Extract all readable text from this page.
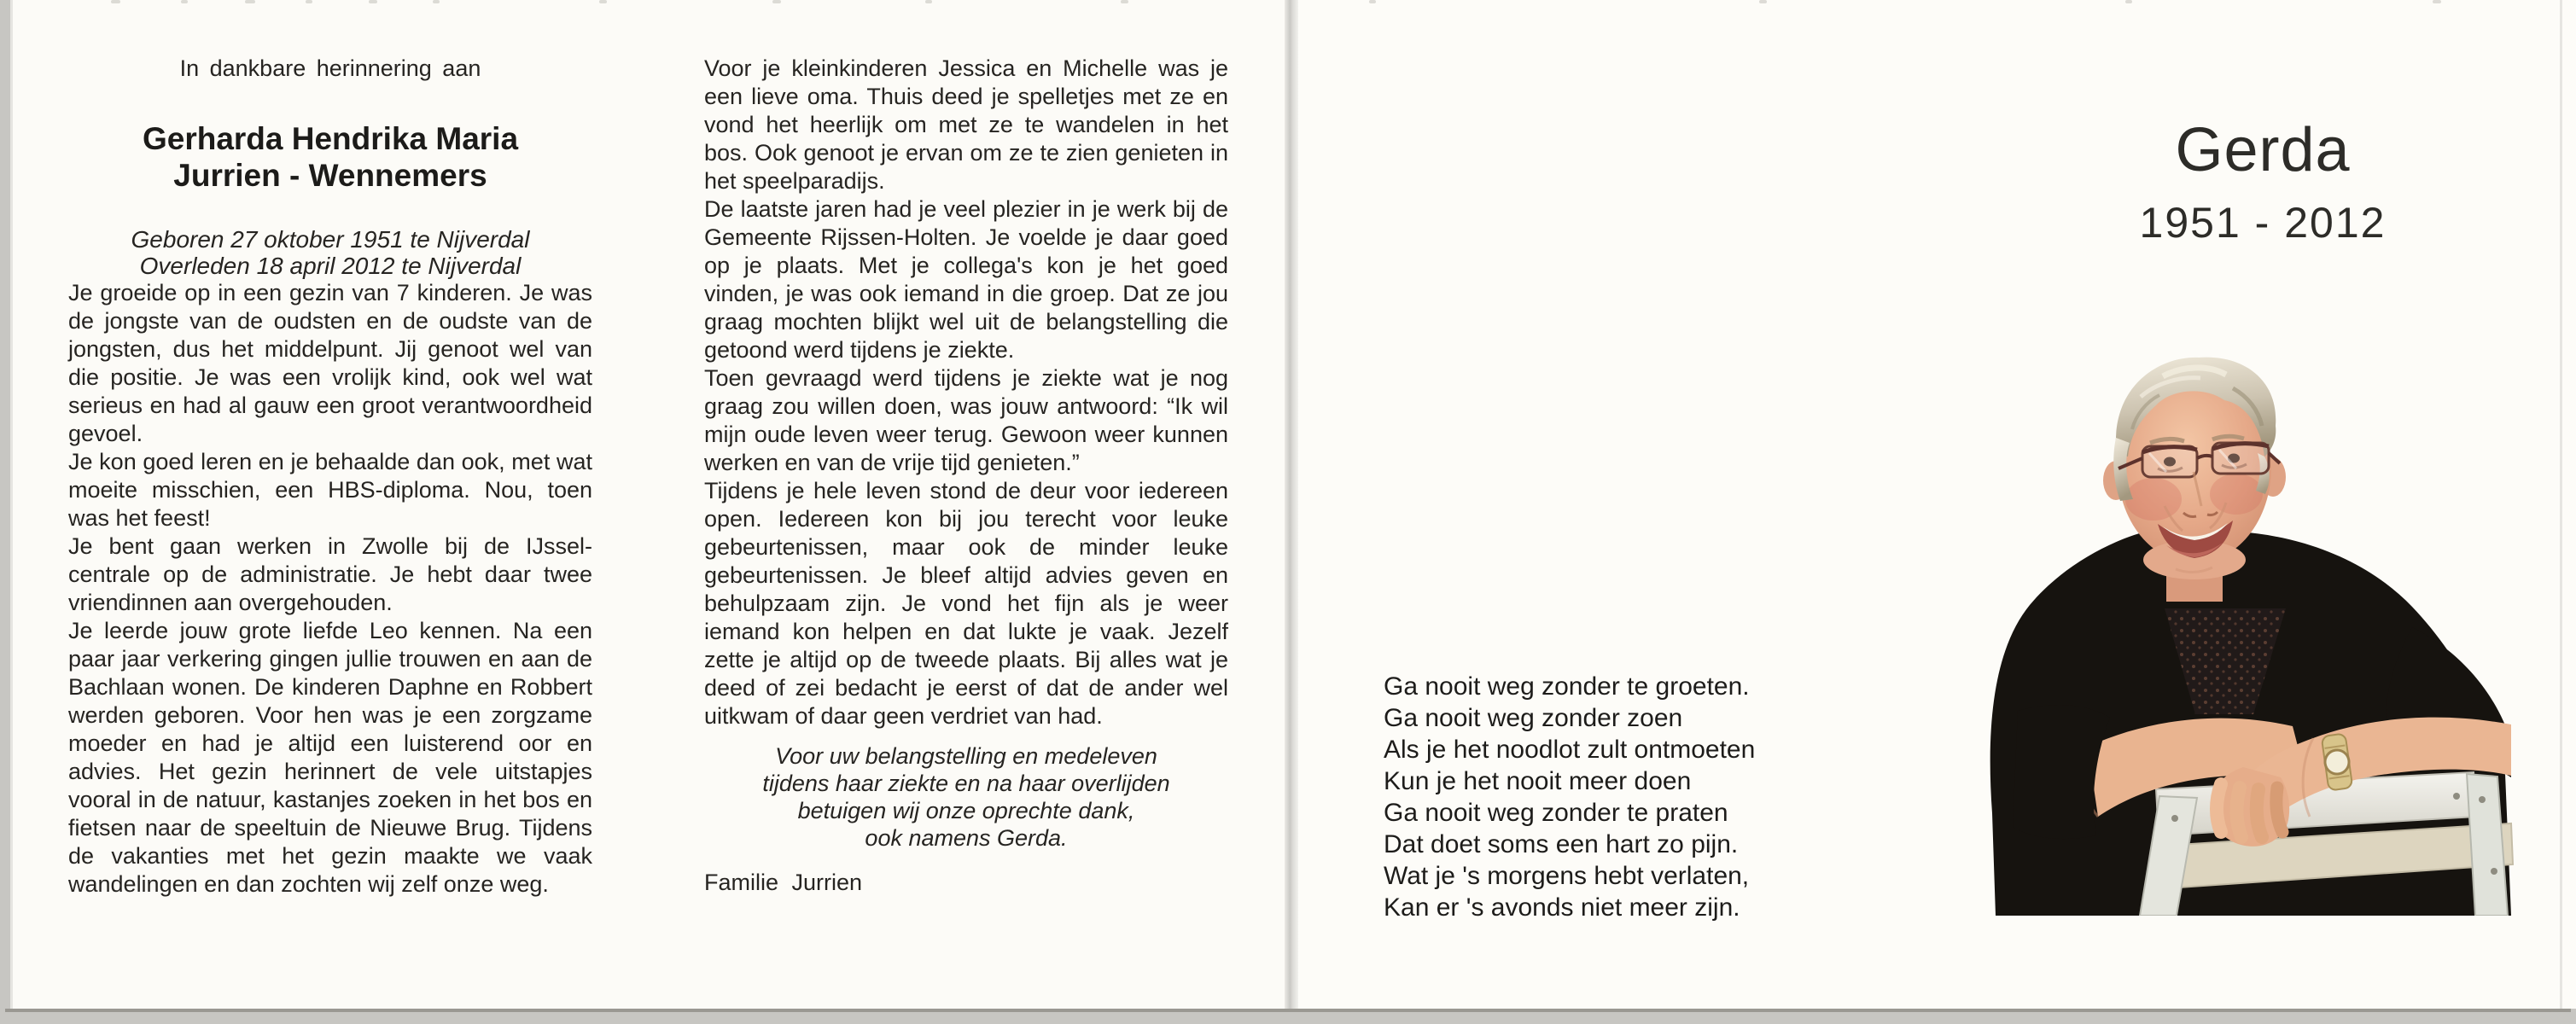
In dankbare herinnering aan
Gerharda Hendrika Maria
Jurrien - Wennemers
Geboren 27 oktober 1951 te Nijverdal
Overleden 18 april 2012 te Nijverdal

Je groeide op in een gezin van 7 kinderen. Je was de jongste van de oudsten en de oudste van de jongsten, dus het middelpunt. Jij genoot wel van die positie. Je was een vrolijk kind, ook wel wat serieus en had al gauw een groot verantwoordheid gevoel.

Je kon goed leren en je behaalde dan ook, met wat moeite misschien, een HBS-diploma. Nou, toen was het feest!

Je bent gaan werken in Zwolle bij de IJssel-centrale op de administratie. Je hebt daar twee vriendinnen aan overgehouden.

Je leerde jouw grote liefde Leo kennen. Na een paar jaar verkering gingen jullie trouwen en aan de Bachlaan wonen. De kinderen Daphne en Robbert werden geboren. Voor hen was je een zorgzame moeder en had je altijd een luisterend oor en advies. Het gezin herinnert de vele uitstapjes vooral in de natuur, kastanjes zoeken in het bos en fietsen naar de speeltuin de Nieuwe Brug. Tijdens de vakanties met het gezin maakte we vaak wandelingen en dan zochten wij zelf onze weg.

Voor je kleinkinderen Jessica en Michelle was je een lieve oma. Thuis deed je spelletjes met ze en vond het heerlijk om met ze te wandelen in het bos. Ook genoot je ervan om ze te zien genieten in het speelparadijs.

De laatste jaren had je veel plezier in je werk bij de Gemeente Rijssen-Holten. Je voelde je daar goed op je plaats. Met je collega's kon je het goed vinden, je was ook iemand in die groep. Dat ze jou graag mochten blijkt wel uit de belangstelling die getoond werd tijdens je ziekte.

Toen gevraagd werd tijdens je ziekte wat je nog graag zou willen doen, was jouw antwoord: “Ik wil mijn oude leven weer terug. Gewoon weer kunnen werken en van de vrije tijd genieten.”

Tijdens je hele leven stond de deur voor iedereen open. Iedereen kon bij jou terecht voor leuke gebeurtenissen, maar ook de minder leuke gebeurtenissen. Je bleef altijd advies geven en behulpzaam zijn. Je vond het fijn als je weer iemand kon helpen en dat lukte je vaak. Jezelf zette je altijd op de tweede plaats. Bij alles wat je deed of zei bedacht je eerst of dat de ander wel uitkwam of daar geen verdriet van had.

Voor uw belangstelling en medeleven
tijdens haar ziekte en na haar overlijden
betuigen wij onze oprechte dank,
ook namens Gerda.
Familie Jurrien
Gerda
1951 - 2012
Ga nooit weg zonder te groeten.
Ga nooit weg zonder zoen
Als je het noodlot zult ontmoeten
Kun je het nooit meer doen
Ga nooit weg zonder te praten
Dat doet soms een hart zo pijn.
Wat je 's morgens hebt verlaten,
Kan er 's avonds niet meer zijn.
